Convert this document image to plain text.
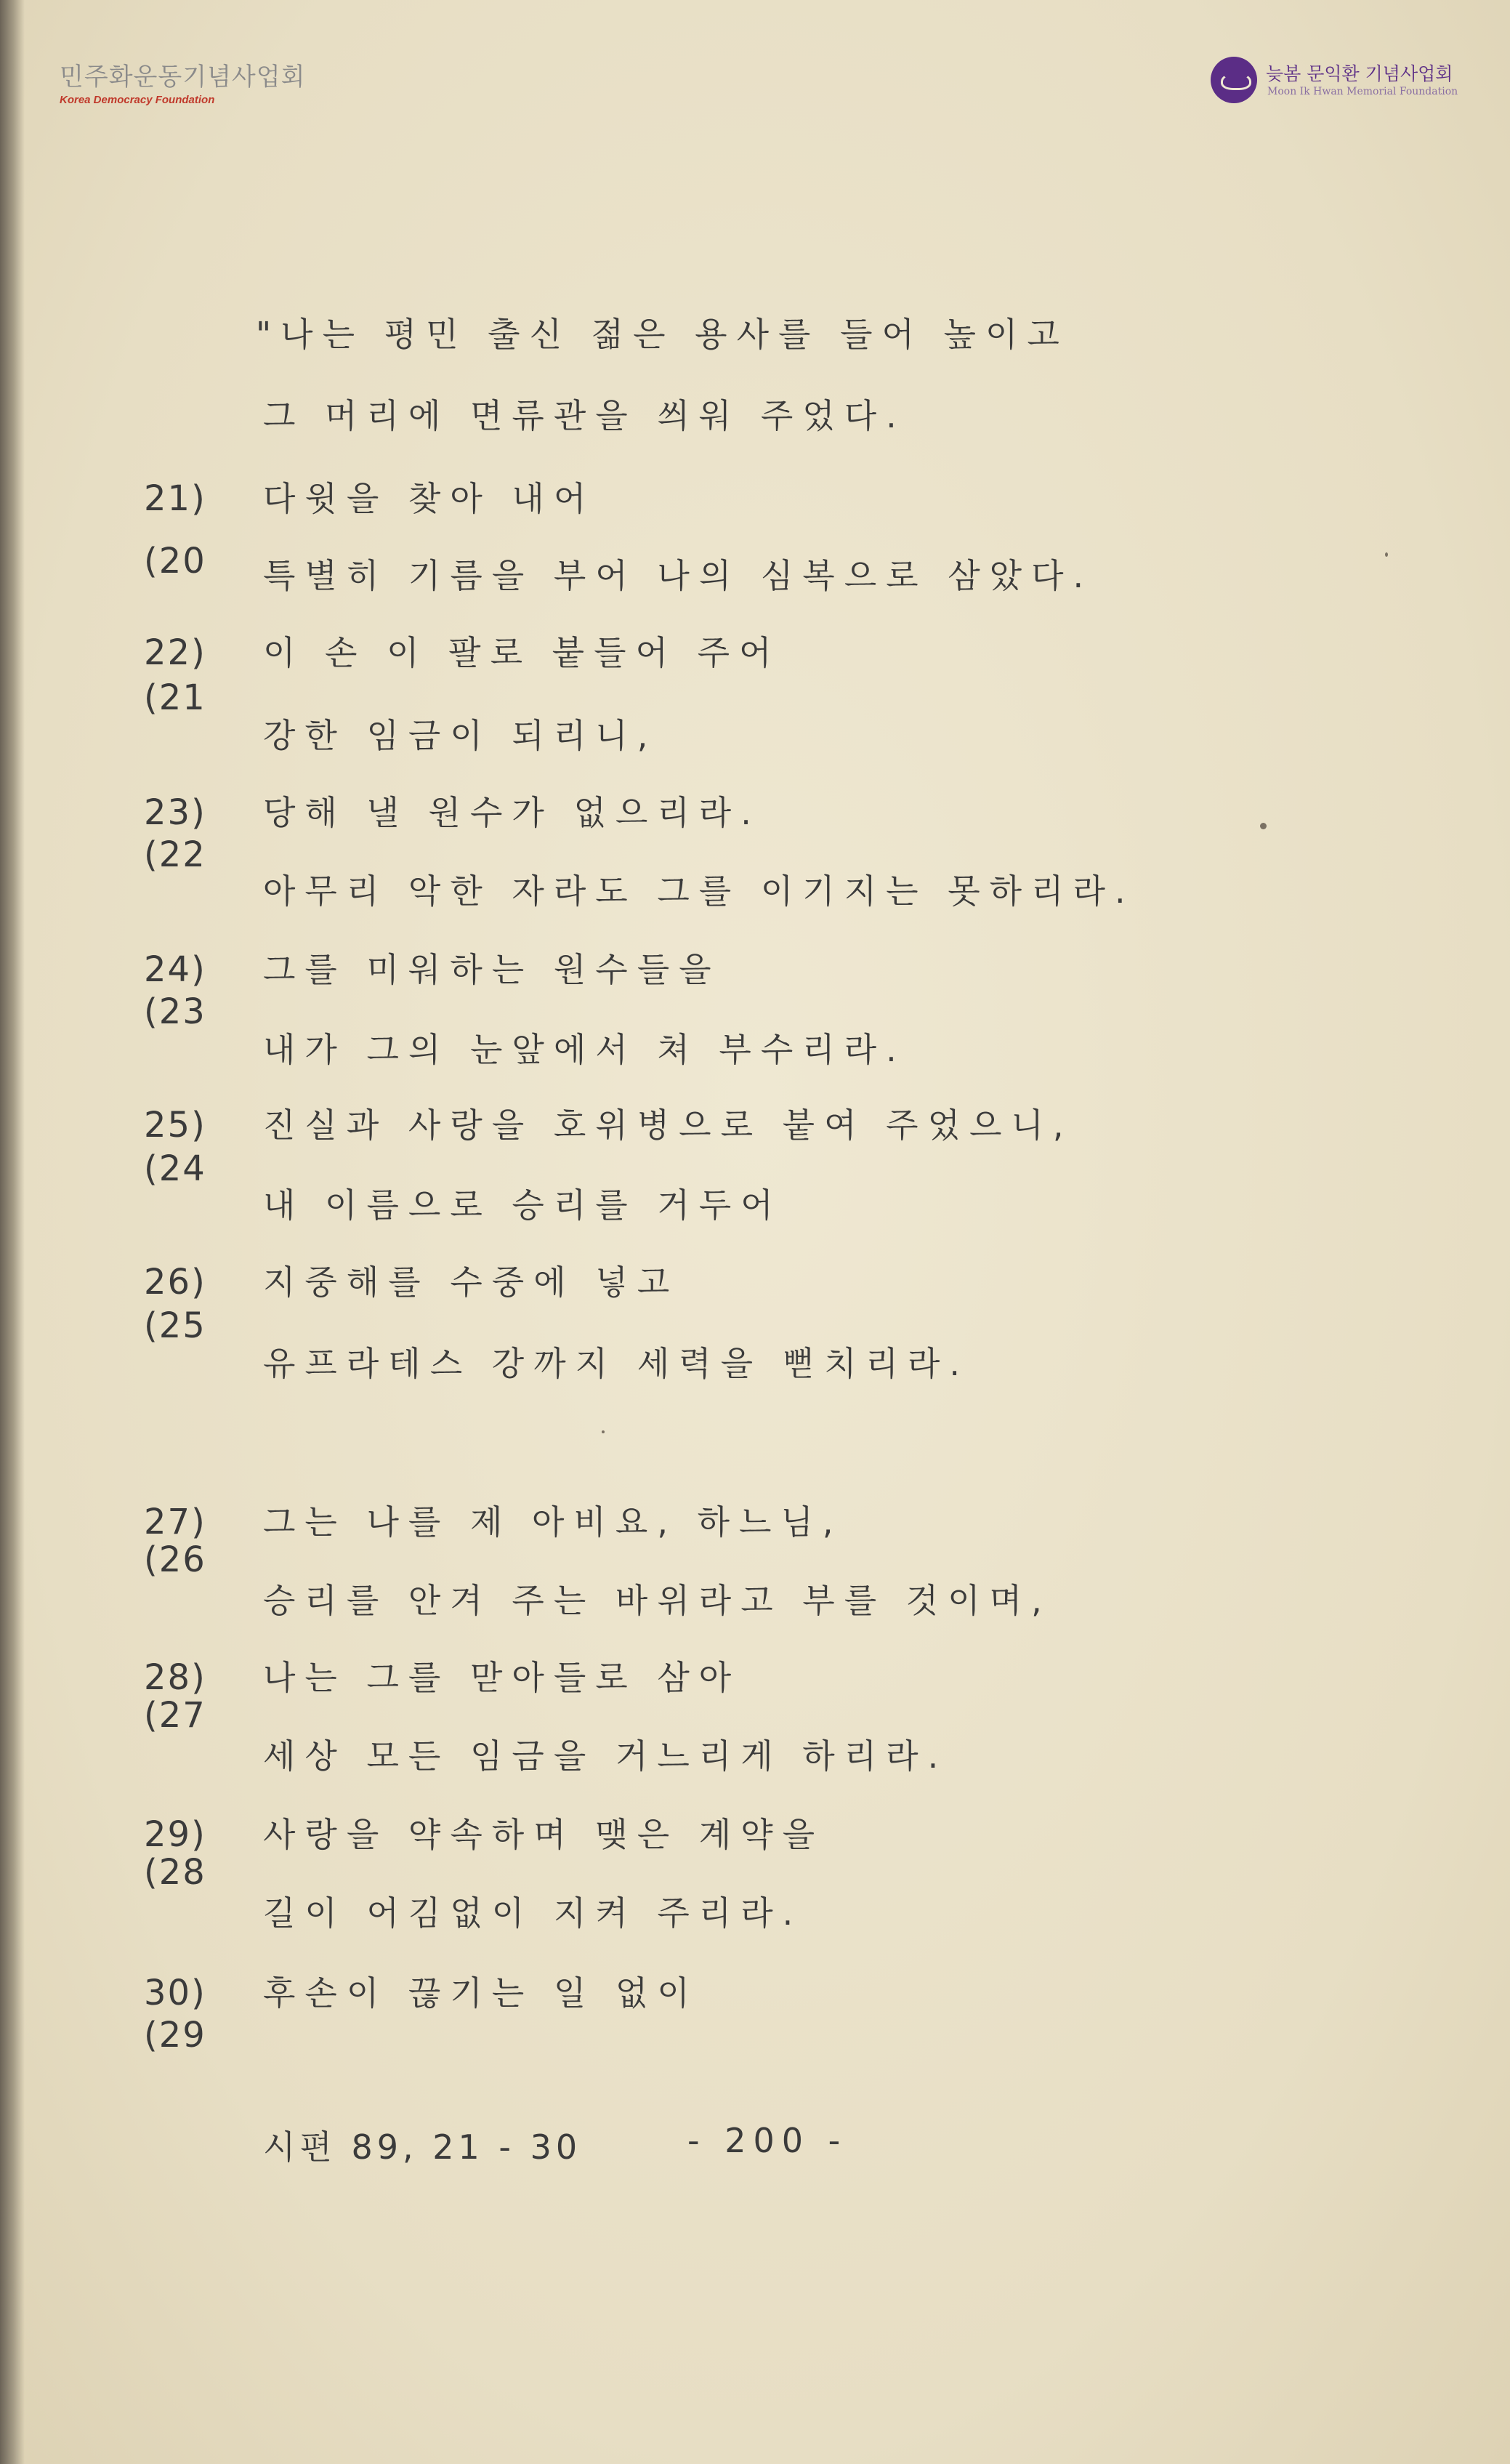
민주화운동기념사업회
Korea Democracy Foundation
늦봄 문익환 기념사업회
Moon Ik Hwan Memorial Foundation
"나는 평민 출신 젊은 용사를 들어 높이고
그 머리에 면류관을 씌워 주었다.
21) 다윗을 찾아 내어
(20 특별히 기름을 부어 나의 심복으로 삼았다.
22) 이 손 이 팔로 붙들어 주어
(21
강한 임금이 되리니,
23) 당해 낼 원수가 없으리라.
(22
아무리 악한 자라도 그를 이기지는 못하리라.
24) 그를 미워하는 원수들을
(23
내가 그의 눈앞에서 쳐 부수리라.
25) 진실과 사랑을 호위병으로 붙여 주었으니,
(24
내 이름으로 승리를 거두어
26) 지중해를 수중에 넣고
(25
유프라테스 강까지 세력을 뻗치리라.
27) 그는 나를 제 아비요, 하느님,
(26
승리를 안겨 주는 바위라고 부를 것이며,
28) 나는 그를 맏아들로 삼아
(27
세상 모든 임금을 거느리게 하리라.
29) 사랑을 약속하며 맺은 계약을
(28
길이 어김없이 지켜 주리라.
30) 후손이 끊기는 일 없이
(29
시편 89, 21 - 30	- 200 -
